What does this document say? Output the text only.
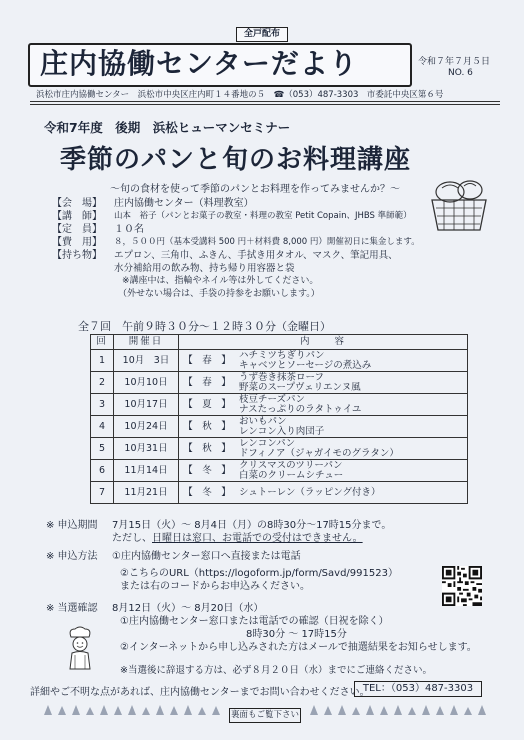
全戸配布
庄内協働センターだより	令和７年７月５日
NO. 6
浜松市庄内協働センター　浜松市中央区庄内町１４番地の５　☎（053）487-3303　市委託中央区第６号
令和7年度　後期　浜松ヒューマンセミナー
季節のパンと旬のお料理講座
～旬の食材を使って季節のパンとお料理を作ってみませんか？～
【会　場】	庄内協働センター（料理教室）
【講　師】	山本　裕子（パンとお菓子の教室・料理の教室 Petit Copain、JHBS 準師範）
【定　員】	１０名
【費　用】	８，５００円（基本受講料 500 円＋材料費 8,000 円）開催初日に集金します。
【持ち物】	エプロン、三角巾、ふきん、手拭き用タオル、マスク、筆記用具、
水分補給用の飲み物、持ち帰り用容器と袋
※講座中は、指輪やネイル等は外してください。
（外せない場合は、手袋の持参をお願いします。）
全７回　午前９時３０分～１２時３０分（金曜日）
回	開催日	内　　容	
1	10月　3日	【　春　】	ハチミツちぎりパン
キャベツとソーセージの煮込み

2	10月10日	【　春　】	うず巻き抹茶ローフ
野菜のスープヴェリエンヌ風

3	10月17日	【　夏　】	枝豆チーズパン
ナスたっぷりのラタトゥイユ

4	10月24日	【　秋　】	おいもパン
レンコン入り肉団子

5	10月31日	【　秋　】	レンコンパン
ドフィノア（ジャガイモのグラタン）

6	11月14日	【　冬　】	クリスマスのツリーパン
白菜のクリームシチュー

7	11月21日	【　冬　】	シュトーレン（ラッピング付き）
※ 申込期間 7月15日（火）～ 8月4日（月）の8時30分～17時15分まで。
ただし、日曜日は窓口、お電話での受付はできません。
※ 申込方法 ①庄内協働センター窓口へ直接または電話
②こちらのURL（https://logoform.jp/form/Savd/991523）
または右のコードからお申込みください。
※ 当選確認 8月12日（火）～ 8月20日（水）
①庄内協働センター窓口または電話での確認（日祝を除く）
8時30分 ～ 17時15分
②インターネットから申し込みされた方はメールで抽選結果をお知らせします。
※当選後に辞退する方は、必ず８月２０日（水）までにご連絡ください。
詳細やご不明な点があれば、庄内協働センターまでお問い合わせください。
TEL：（053）487-3303
裏面もご覧下さい
